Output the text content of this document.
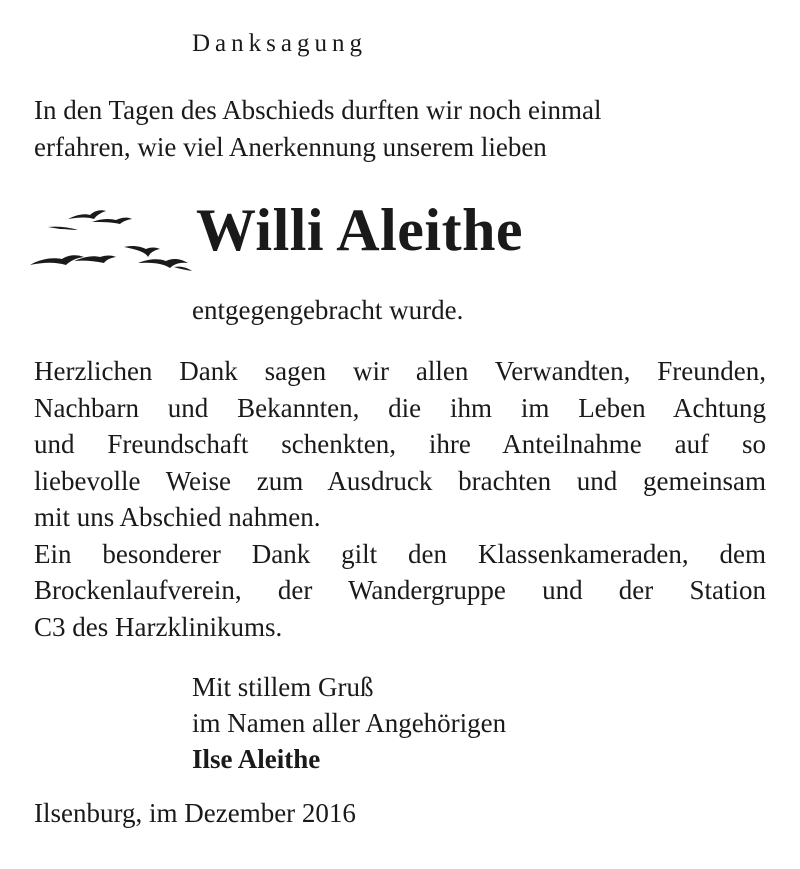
Danksagung
In den Tagen des Abschieds durften wir noch einmal
erfahren, wie viel Anerkennung unserem lieben
Willi Aleithe
entgegengebracht wurde.
Herzlichen Dank sagen wir allen Verwandten, Freunden,
Nachbarn und Bekannten, die ihm im Leben Achtung
und Freundschaft schenkten, ihre Anteilnahme auf so
liebevolle Weise zum Ausdruck brachten und gemeinsam
mit uns Abschied nahmen.
Ein besonderer Dank gilt den Klassenkameraden, dem
Brockenlaufverein, der Wandergruppe und der Station
C3 des Harzklinikums.
Mit stillem Gruß
im Namen aller Angehörigen
Ilse Aleithe
Ilsenburg, im Dezember 2016
